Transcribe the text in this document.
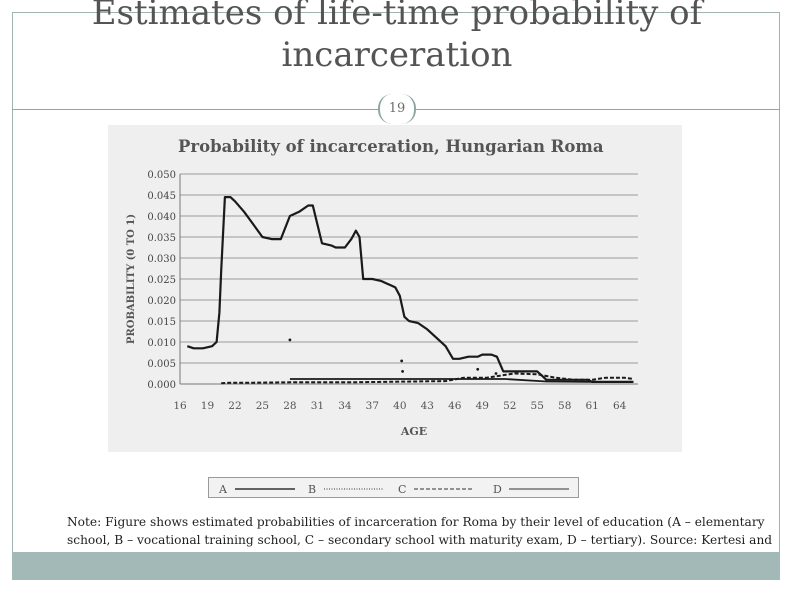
Estimates of life-time probability of incarceration
19
Probability of incarceration, Hungarian Roma
0.000
0.005
0.010
0.015
0.020
0.025
0.030
0.035
0.040
0.045
0.050
16 19 22 25 28 31 34 37 40 43 46 49 52 55 58 61 64
AGE
PROBABILITY (0 TO 1)
A	B	C	D
Note: Figure shows estimated probabilities of incarceration for Roma by their level of education (A – elementary school, B – vocational training school, C – secondary school with maturity exam, D – tertiary). Source: Kertesi and
